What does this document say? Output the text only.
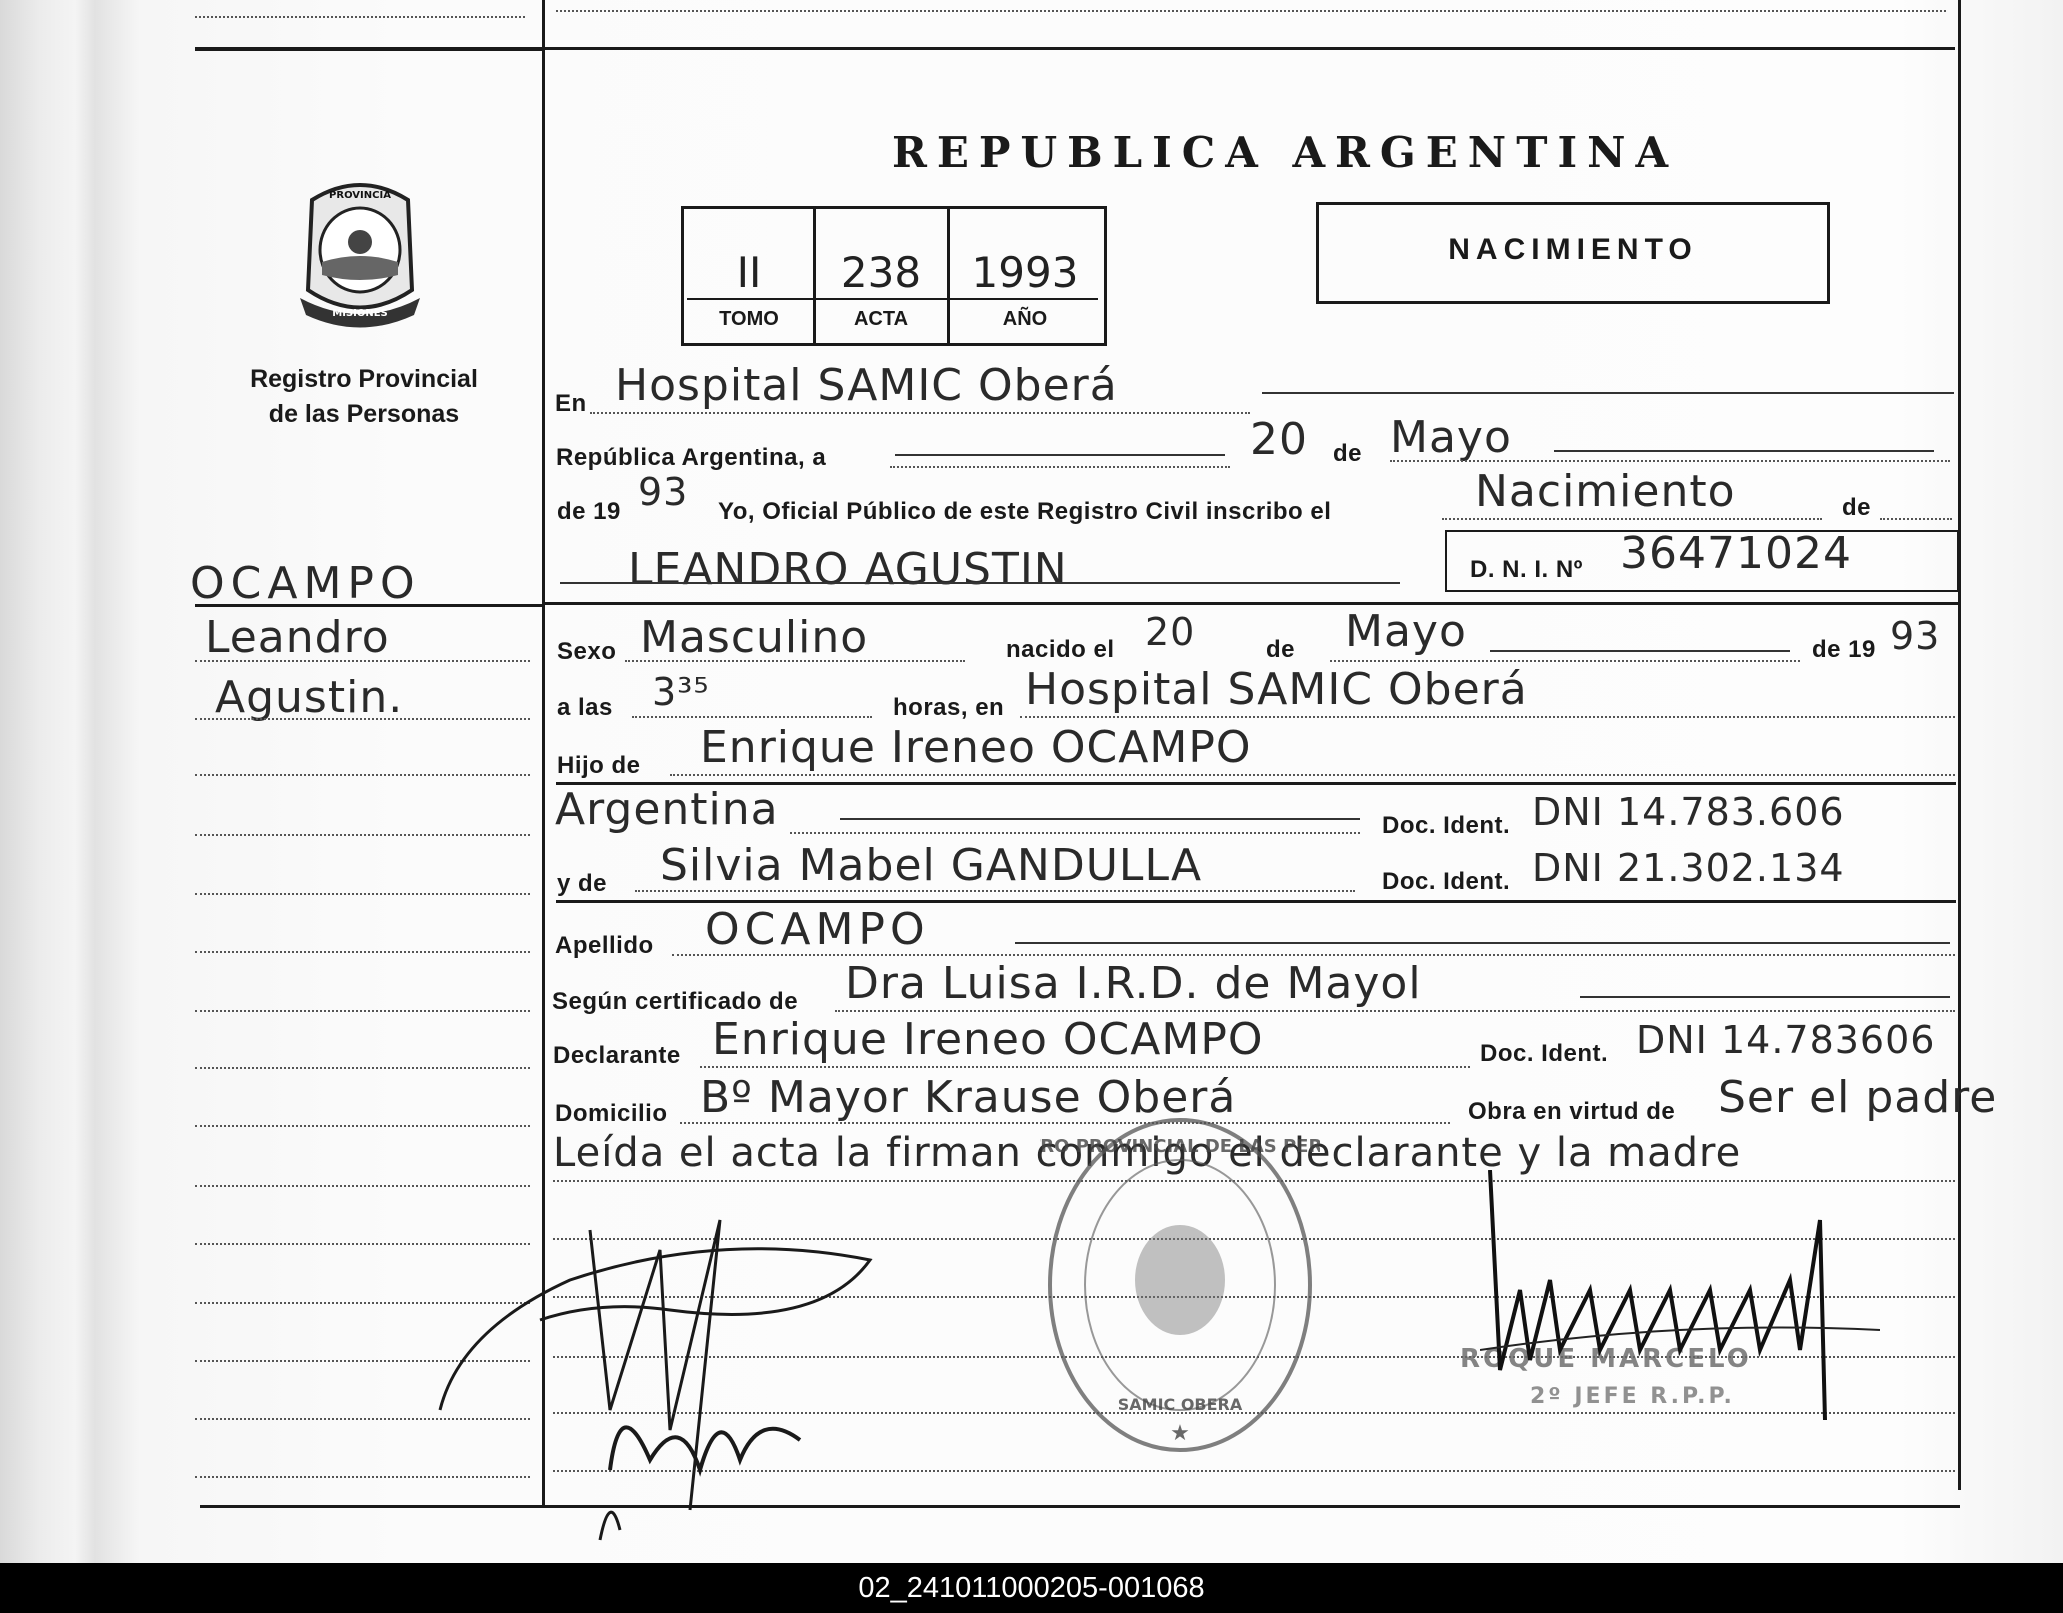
PROVINCIA
MISIONES
Registro Provincial
de las Personas
REPUBLICA ARGENTINA
II	238	1993
TOMO	ACTA	AÑO
NACIMIENTO
En Hospital SAMIC Oberá
República Argentina, a	20 de Mayo
de 19 93 Yo, Oficial Público de este Registro Civil inscribo el	Nacimiento	de
LEANDRO AGUSTIN	D. N. I. Nº 36471024
OCAMPO
Leandro
Agustin.
Sexo Masculino	nacido el 20	de Mayo	de 19 93
a las 3³⁵	horas, en Hospital SAMIC Oberá
Hijo de Enrique Ireneo OCAMPO
Argentina	Doc. Ident. DNI 14.783.606
y de Silvia Mabel GANDULLA	Doc. Ident. DNI 21.302.134
Apellido OCAMPO
Según certificado de Dra Luisa I.R.D. de Mayol
Declarante Enrique Ireneo OCAMPO	Doc. Ident. DNI 14.783606
Domicilio Bº Mayor Krause Oberá	Obra en virtud de Ser el padre
Leída el acta la firman conmigo el declarante y la madre
RO PROVINCIAL DE LAS PER
SAMIC OBERA
★
ROQUE MARCELO
2º JEFE R.P.P.
02_241011000205-001068
